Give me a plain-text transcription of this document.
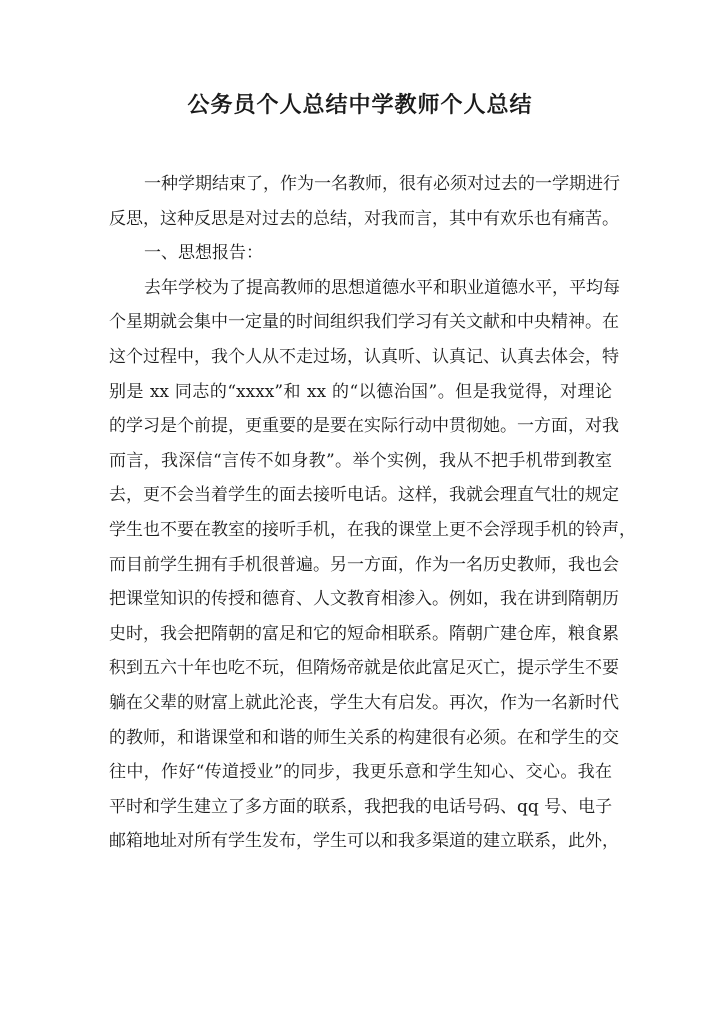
公务员个人总结中学教师个人总结
一种学期结束了，作为一名教师，很有必须对过去的一学期进行
反思，这种反思是对过去的总结，对我而言，其中有欢乐也有痛苦。
一、思想报告：
去年学校为了提高教师的思想道德水平和职业道德水平，平均每
个星期就会集中一定量的时间组织我们学习有关文献和中央精神。在
这个过程中，我个人从不走过场，认真听、认真记、认真去体会，特
别是 xx 同志的“xxxx”和 xx 的“以德治国”。但是我觉得，对理论
的学习是个前提，更重要的是要在实际行动中贯彻她。一方面，对我
而言，我深信“言传不如身教”。举个实例，我从不把手机带到教室
去，更不会当着学生的面去接听电话。这样，我就会理直气壮的规定
学生也不要在教室的接听手机，在我的课堂上更不会浮现手机的铃声，
而目前学生拥有手机很普遍。另一方面，作为一名历史教师，我也会
把课堂知识的传授和德育、人文教育相渗入。例如，我在讲到隋朝历
史时，我会把隋朝的富足和它的短命相联系。隋朝广建仓库，粮食累
积到五六十年也吃不玩，但隋炀帝就是依此富足灭亡，提示学生不要
躺在父辈的财富上就此沦丧，学生大有启发。再次，作为一名新时代
的教师，和谐课堂和和谐的师生关系的构建很有必须。在和学生的交
往中，作好“传道授业”的同步，我更乐意和学生知心、交心。我在
平时和学生建立了多方面的联系，我把我的电话号码、qq 号、电子
邮箱地址对所有学生发布，学生可以和我多渠道的建立联系，此外，
